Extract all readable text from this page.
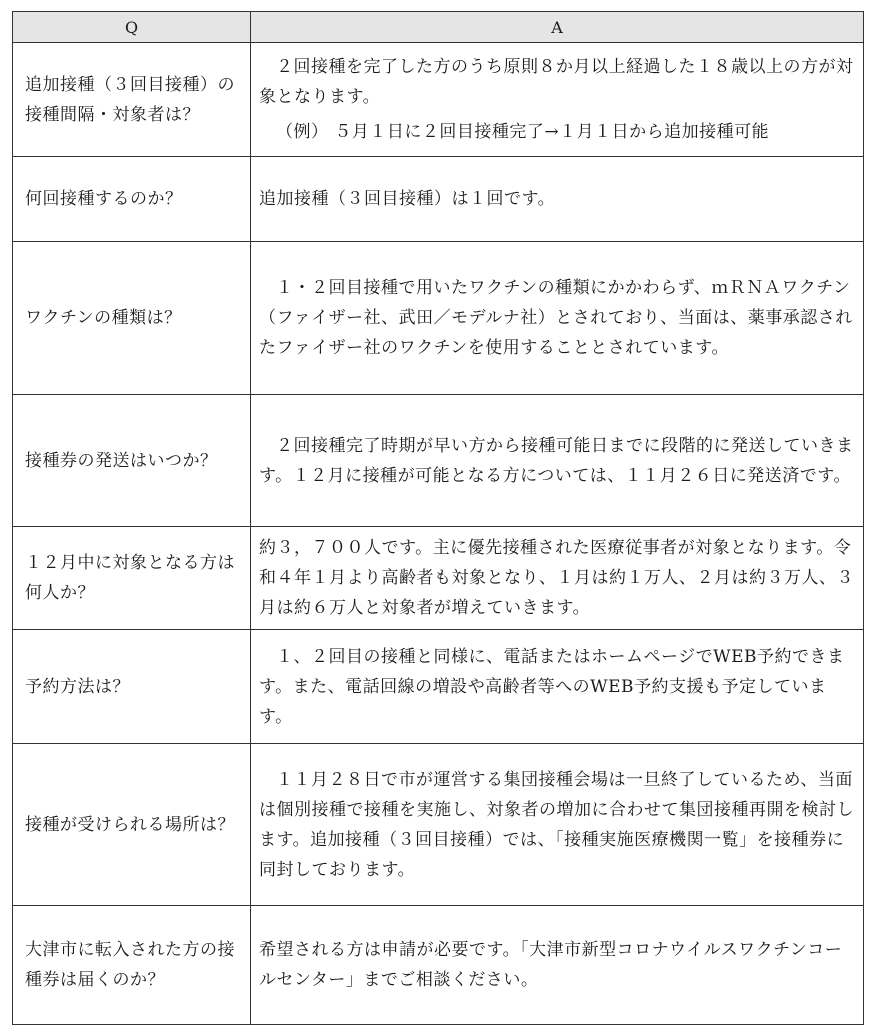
Q	A
追加接種（３回目接種）の接種間隔・対象者は？	２回接種を完了した方のうち原則８か月以上経過した１８歳以上の方が対象となります。

（例） ５月１日に２回目接種完了→１月１日から追加接種可能

何回接種するのか？	追加接種（３回目接種）は１回です。

ワクチンの種類は？	１・２回目接種で用いたワクチンの種類にかかわらず、ｍＲＮＡワクチン（ファイザー社、武田／モデルナ社）とされており、当面は、薬事承認されたファイザー社のワクチンを使用することとされています。

接種券の発送はいつか？	２回接種完了時期が早い方から接種可能日までに段階的に発送していきます。１２月に接種が可能となる方については、１１月２６日に発送済です。

１２月中に対象となる方は何人か？	約３，７００人です。主に優先接種された医療従事者が対象となります。令和４年１月より高齢者も対象となり、１月は約１万人、２月は約３万人、３月は約６万人と対象者が増えていきます。

予約方法は？	１、２回目の接種と同様に、電話またはホームページでWEB予約できます。また、電話回線の増設や高齢者等へのWEB予約支援も予定しています。

接種が受けられる場所は？	１１月２８日で市が運営する集団接種会場は一旦終了しているため、当面は個別接種で接種を実施し、対象者の増加に合わせて集団接種再開を検討します。追加接種（３回目接種）では、「接種実施医療機関一覧」を接種券に同封しております。

大津市に転入された方の接種券は届くのか？	希望される方は申請が必要です。「大津市新型コロナウイルスワクチンコールセンター」までご相談ください。
